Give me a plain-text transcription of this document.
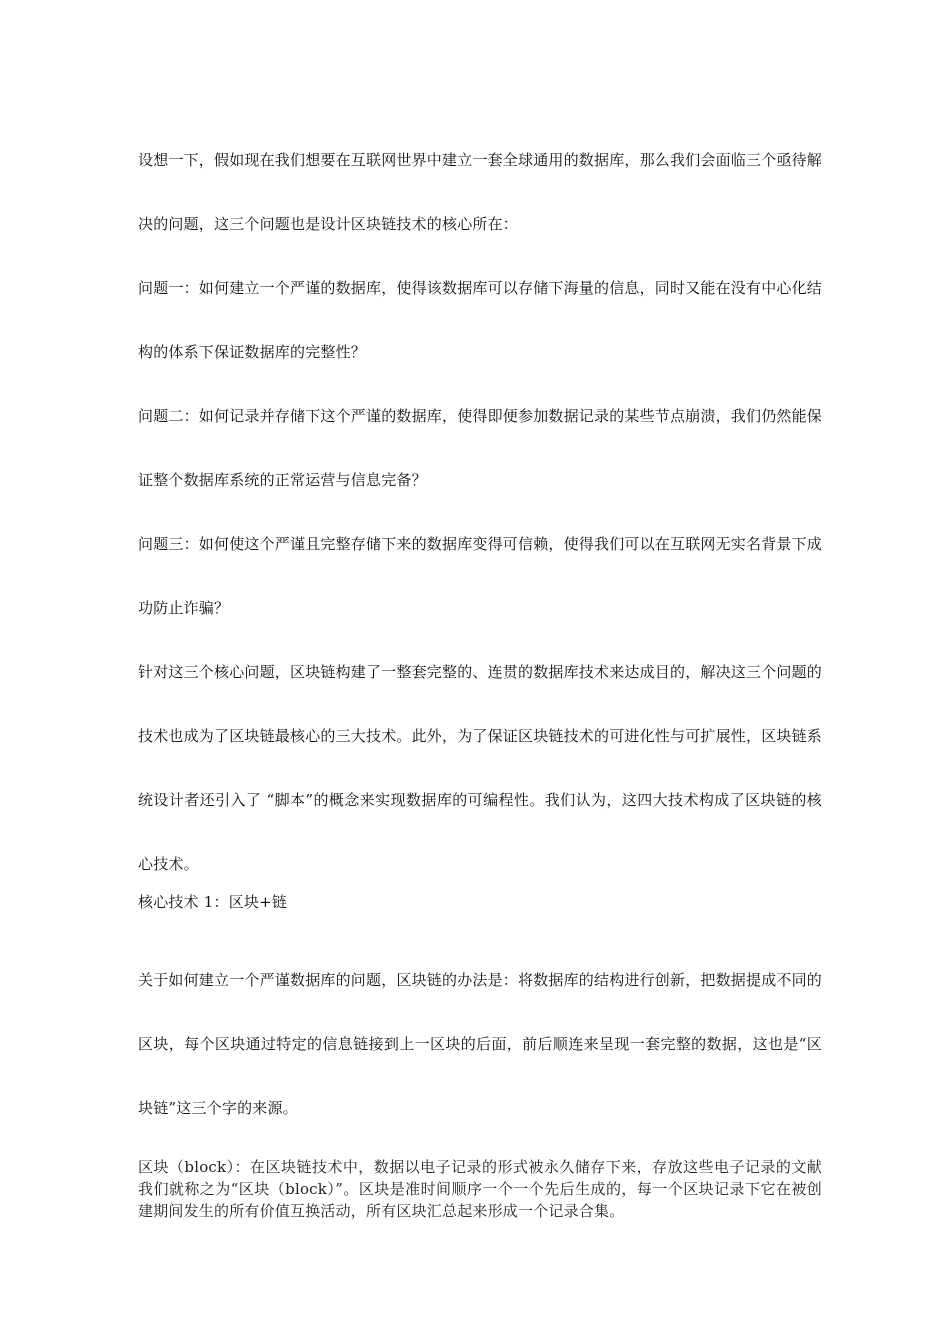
设想一下，假如现在我们想要在互联网世界中建立一套全球通用的数据库，那么我们会面临三个亟待解决的问题，这三个问题也是设计区块链技术的核心所在：

问题一：如何建立一个严谨的数据库，使得该数据库可以存储下海量的信息，同时又能在没有中心化结构的体系下保证数据库的完整性？

问题二：如何记录并存储下这个严谨的数据库，使得即便参加数据记录的某些节点崩溃，我们仍然能保证整个数据库系统的正常运营与信息完备？

问题三：如何使这个严谨且完整存储下来的数据库变得可信赖，使得我们可以在互联网无实名背景下成功防止诈骗？

针对这三个核心问题，区块链构建了一整套完整的、连贯的数据库技术来达成目的，解决这三个问题的技术也成为了区块链最核心的三大技术。此外，为了保证区块链技术的可进化性与可扩展性，区块链系统设计者还引入了 “脚本”的概念来实现数据库的可编程性。我们认为，这四大技术构成了区块链的核心技术。

核心技术 1：区块+链

关于如何建立一个严谨数据库的问题，区块链的办法是：将数据库的结构进行创新，把数据提成不同的区块，每个区块通过特定的信息链接到上一区块的后面，前后顺连来呈现一套完整的数据，这也是“区块链”这三个字的来源。

区块（block）：在区块链技术中，数据以电子记录的形式被永久储存下来，存放这些电子记录的文献我们就称之为“区块（block）”。区块是准时间顺序一个一个先后生成的，每一个区块记录下它在被创建期间发生的所有价值互换活动，所有区块汇总起来形成一个记录合集。
